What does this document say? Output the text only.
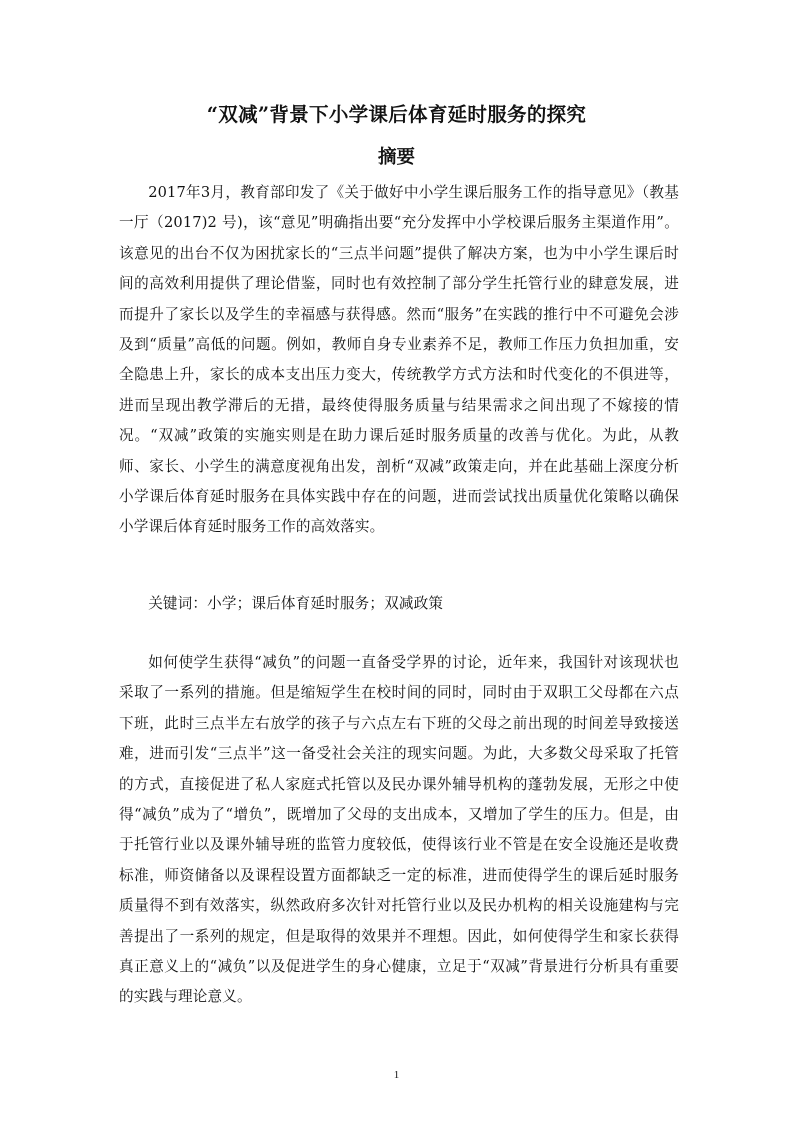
“双减”背景下小学课后体育延时服务的探究
摘要

2017年3月，教育部印发了《关于做好中小学生课后服务工作的指导意见》（教基一厅（2017)2 号)，该“意见”明确指出要“充分发挥中小学校课后服务主渠道作用”。该意见的出台不仅为困扰家长的“三点半问题”提供了解决方案，也为中小学生课后时间的高效利用提供了理论借鉴，同时也有效控制了部分学生托管行业的肆意发展，进而提升了家长以及学生的幸福感与获得感。然而“服务”在实践的推行中不可避免会涉及到“质量”高低的问题。例如，教师自身专业素养不足，教师工作压力负担加重，安全隐患上升，家长的成本支出压力变大，传统教学方式方法和时代变化的不俱进等，进而呈现出教学滞后的无措，最终使得服务质量与结果需求之间出现了不嫁接的情况。“双减”政策的实施实则是在助力课后延时服务质量的改善与优化。为此，从教师、家长、小学生的满意度视角出发，剖析“双减”政策走向，并在此基础上深度分析小学课后体育延时服务在具体实践中存在的问题，进而尝试找出质量优化策略以确保小学课后体育延时服务工作的高效落实。

关键词：小学；课后体育延时服务；双减政策

如何使学生获得“减负”的问题一直备受学界的讨论，近年来，我国针对该现状也采取了一系列的措施。但是缩短学生在校时间的同时，同时由于双职工父母都在六点下班，此时三点半左右放学的孩子与六点左右下班的父母之前出现的时间差导致接送难，进而引发“三点半”这一备受社会关注的现实问题。为此，大多数父母采取了托管的方式，直接促进了私人家庭式托管以及民办课外辅导机构的蓬勃发展，无形之中使得“减负”成为了“增负”，既增加了父母的支出成本，又增加了学生的压力。但是，由于托管行业以及课外辅导班的监管力度较低，使得该行业不管是在安全设施还是收费标准，师资储备以及课程设置方面都缺乏一定的标准，进而使得学生的课后延时服务质量得不到有效落实，纵然政府多次针对托管行业以及民办机构的相关设施建构与完善提出了一系列的规定，但是取得的效果并不理想。因此，如何使得学生和家长获得真正意义上的“减负”以及促进学生的身心健康，立足于“双减”背景进行分析具有重要的实践与理论意义。

1
